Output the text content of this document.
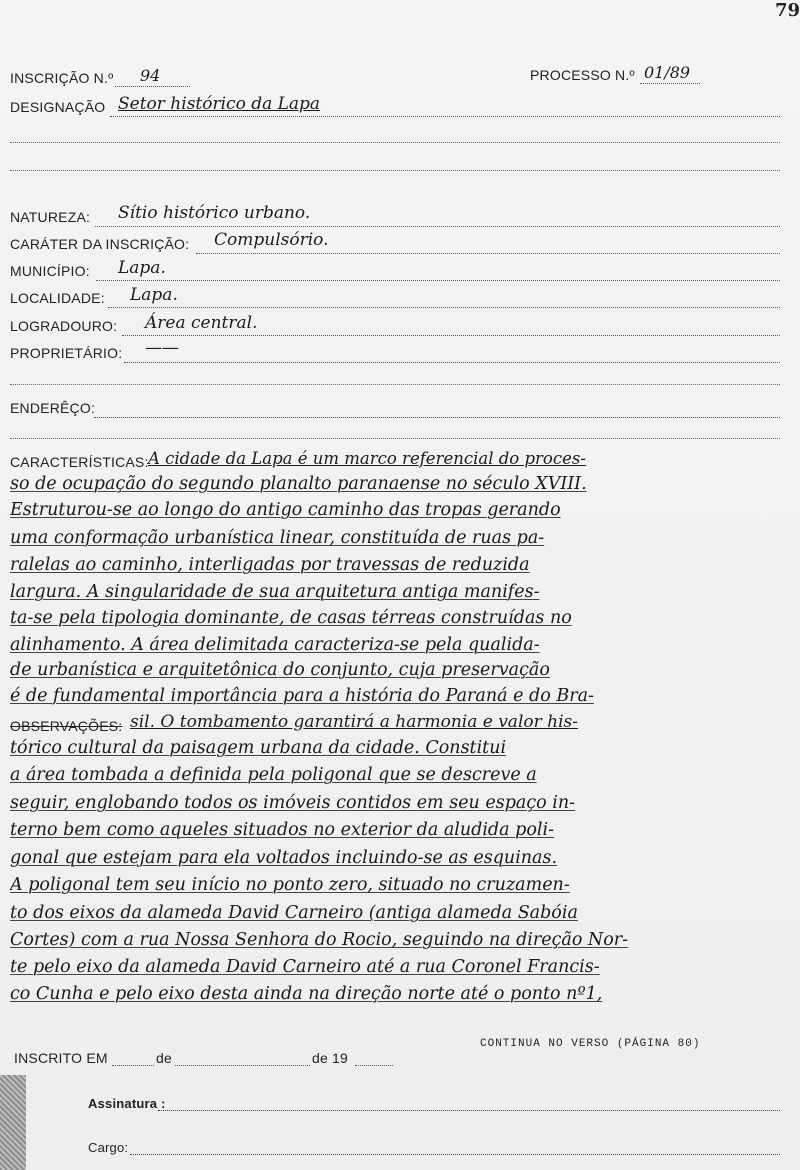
79
INSCRIÇÃO N.º 94	PROCESSO N.º 01/89
DESIGNAÇÃO Setor histórico da Lapa
NATUREZA: Sítio histórico urbano.
CARÁTER DA INSCRIÇÃO: Compulsório.
MUNICÍPIO: Lapa.
LOCALIDADE: Lapa.
LOGRADOURO: Área central.
PROPRIETÁRIO: ——
ENDERÊÇO:
CARACTERÍSTICAS: A cidade da Lapa é um marco referencial do proces-
so de ocupação do segundo planalto paranaense no século XVIII.
Estruturou-se ao longo do antigo caminho das tropas gerando
uma conformação urbanística linear, constituída de ruas pa-
ralelas ao caminho, interligadas por travessas de reduzida
largura. A singularidade de sua arquitetura antiga manifes-
ta-se pela tipologia dominante, de casas térreas construídas no
alinhamento. A área delimitada caracteriza-se pela qualida-
de urbanística e arquitetônica do conjunto, cuja preservação
é de fundamental importância para a história do Paraná e do Bra-
OBSERVAÇÕES: sil. O tombamento garantirá a harmonia e valor his-
tórico cultural da paisagem urbana da cidade. Constitui
a área tombada a definida pela poligonal que se descreve a
seguir, englobando todos os imóveis contidos em seu espaço in-
terno bem como aqueles situados no exterior da aludida poli-
gonal que estejam para ela voltados incluindo-se as esquinas.
A poligonal tem seu início no ponto zero, situado no cruzamen-
to dos eixos da alameda David Carneiro (antiga alameda Sabóia
Cortes) com a rua Nossa Senhora do Rocio, seguindo na direção Nor-
te pelo eixo da alameda David Carneiro até a rua Coronel Francis-
co Cunha e pelo eixo desta ainda na direção norte até o ponto nº1,
CONTINUA NO VERSO (PÁGINA 80)
INSCRITO EM	de	de 19
Assinatura :
Cargo:
